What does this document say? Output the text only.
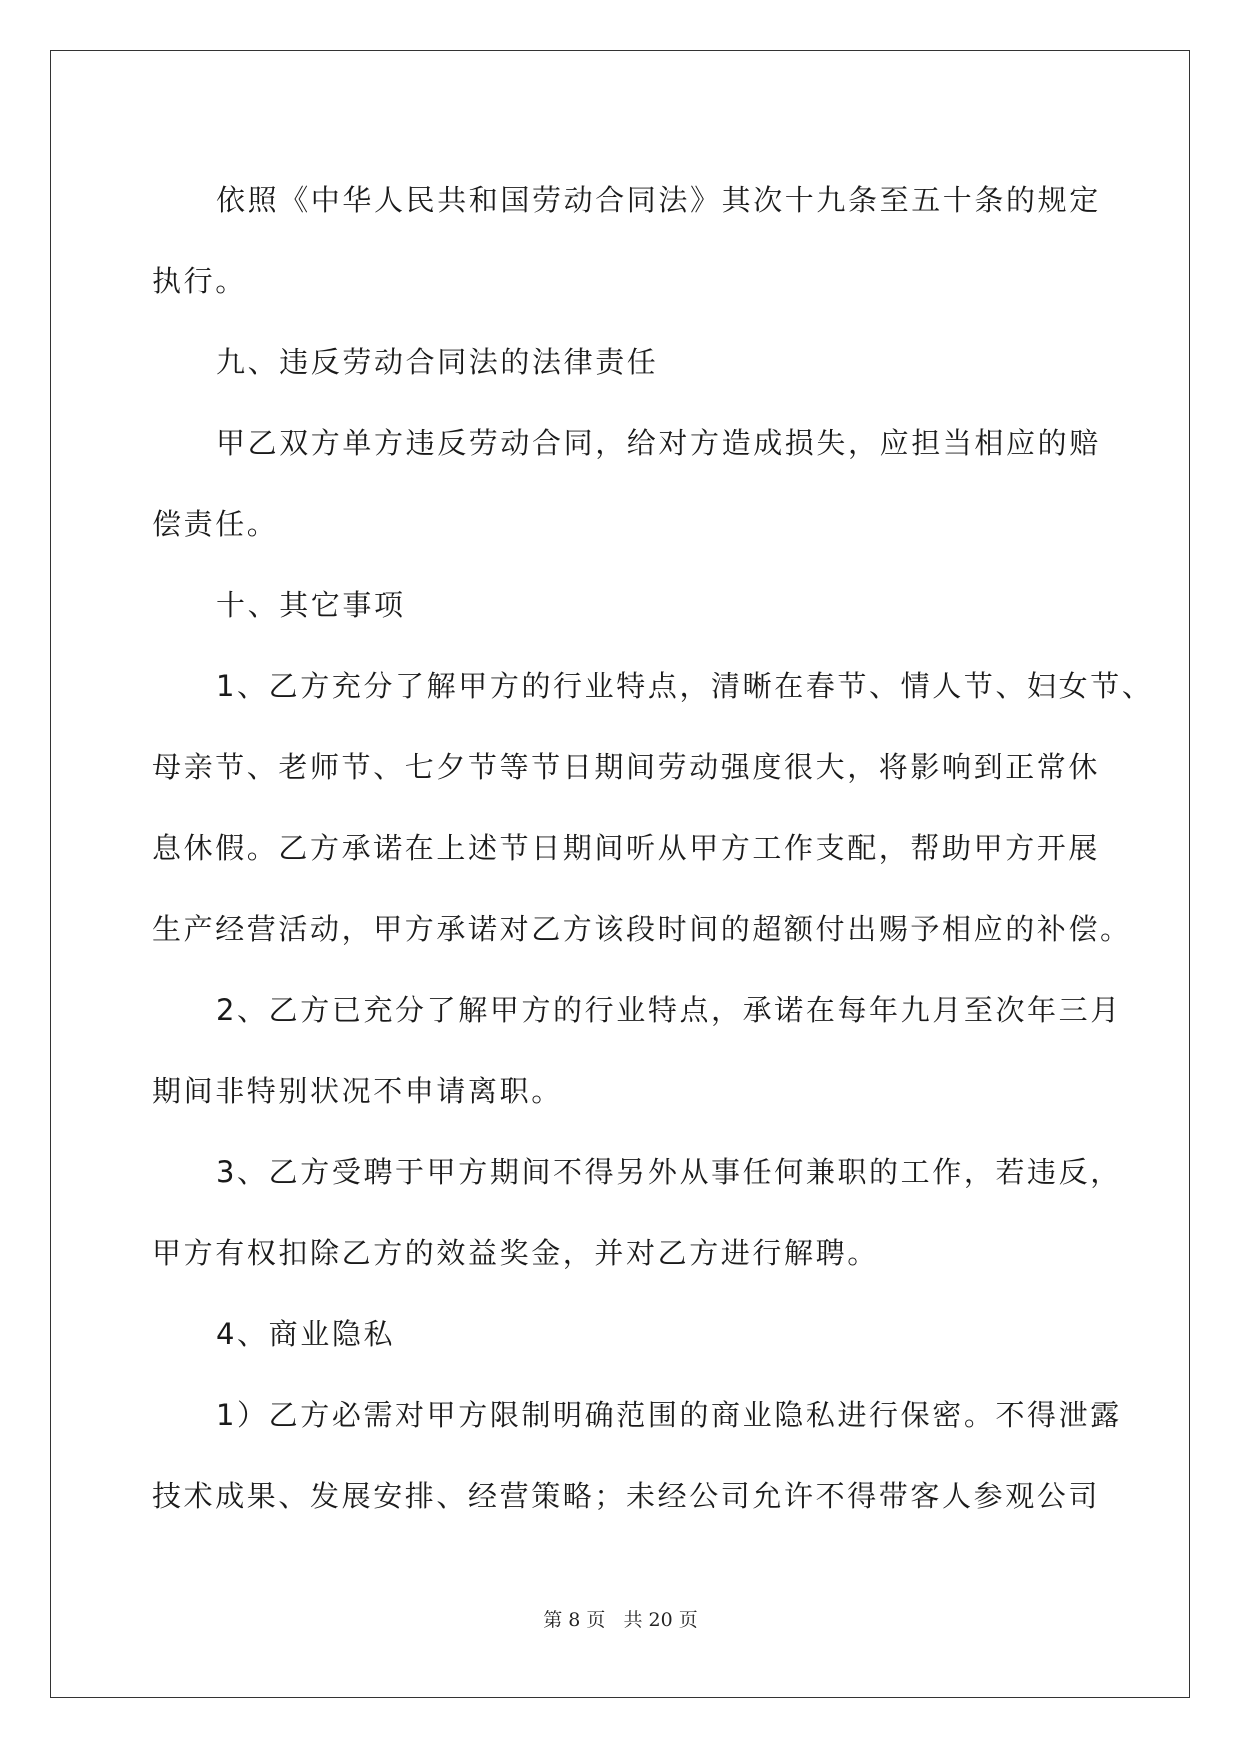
依照《中华人民共和国劳动合同法》其次十九条至五十条的规定
执行。
九、违反劳动合同法的法律责任
甲乙双方单方违反劳动合同，给对方造成损失，应担当相应的赔
偿责任。
十、其它事项
1、乙方充分了解甲方的行业特点，清晰在春节、情人节、妇女节、
母亲节、老师节、七夕节等节日期间劳动强度很大，将影响到正常休
息休假。乙方承诺在上述节日期间听从甲方工作支配，帮助甲方开展
生产经营活动，甲方承诺对乙方该段时间的超额付出赐予相应的补偿。
2、乙方已充分了解甲方的行业特点，承诺在每年九月至次年三月
期间非特别状况不申请离职。
3、乙方受聘于甲方期间不得另外从事任何兼职的工作，若违反，
甲方有权扣除乙方的效益奖金，并对乙方进行解聘。
4、商业隐私
1）乙方必需对甲方限制明确范围的商业隐私进行保密。不得泄露
技术成果、发展安排、经营策略；未经公司允许不得带客人参观公司

第 8 页 共 20 页
